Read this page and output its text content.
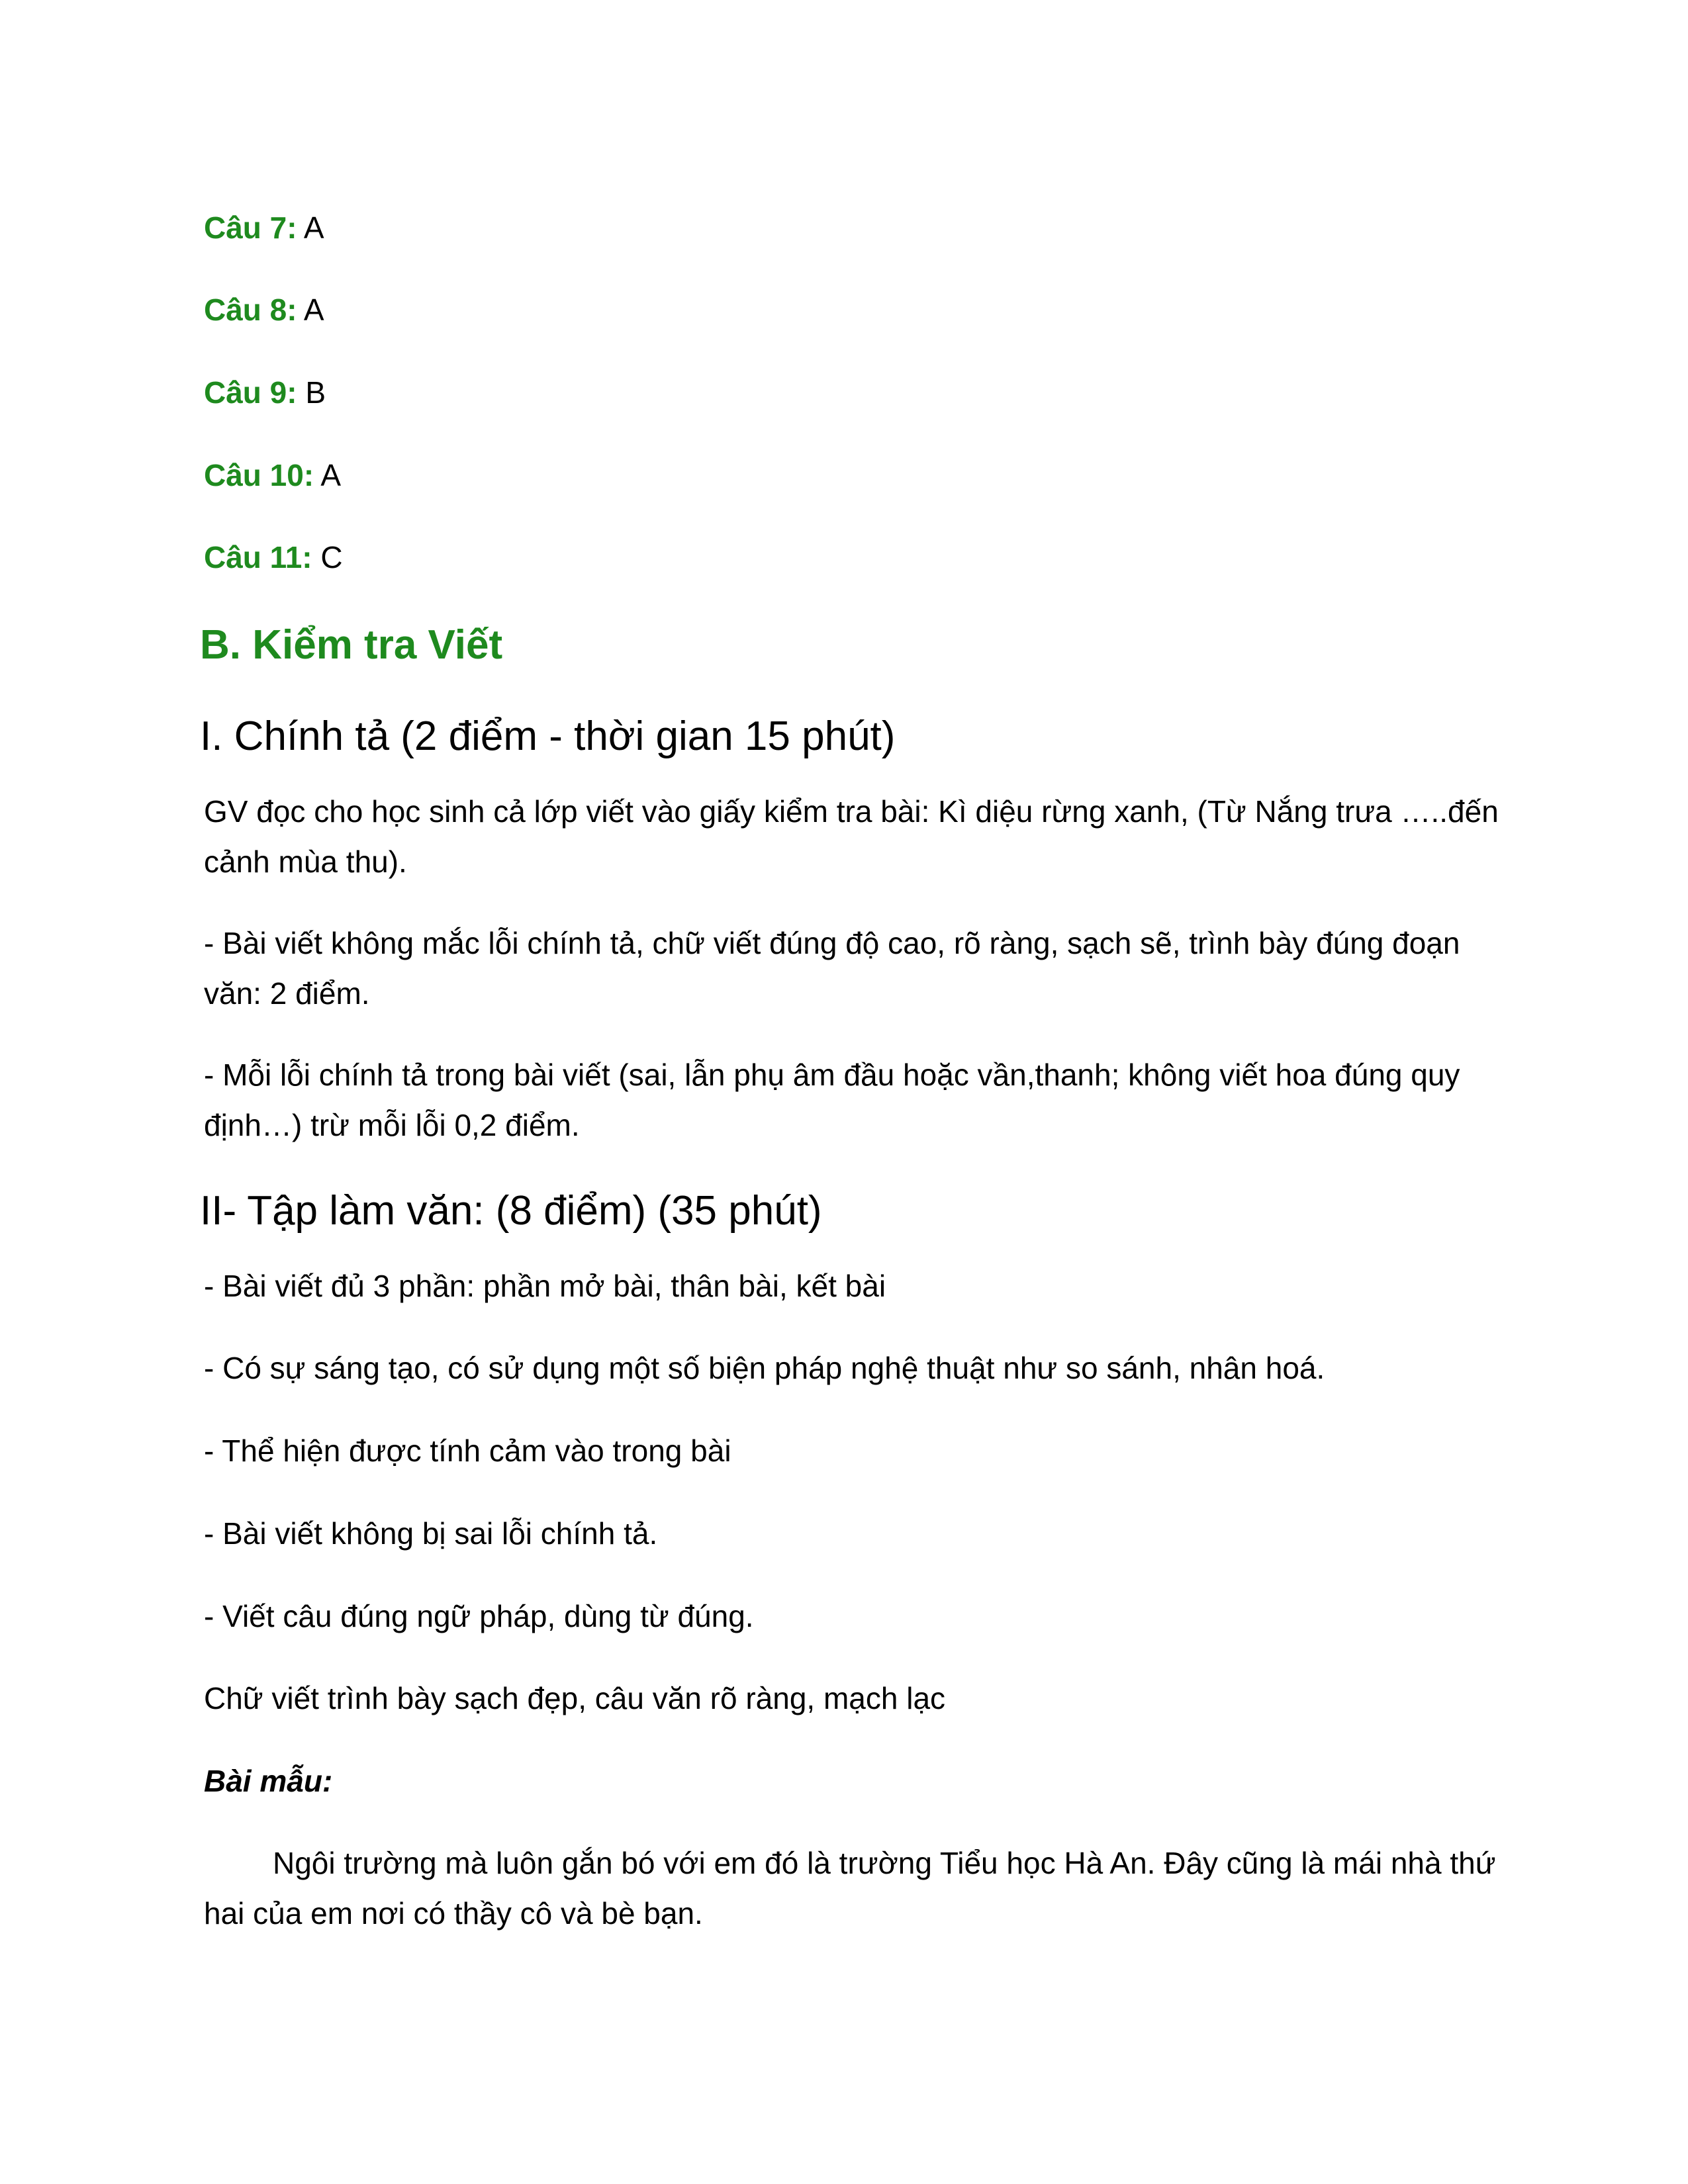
Câu 7: A
Câu 8: A
Câu 9: B
Câu 10: A
Câu 11: C
B. Kiểm tra Viết
I. Chính tả (2 điểm - thời gian 15 phút)
GV đọc cho học sinh cả lớp viết vào giấy kiểm tra bài: Kì diệu rừng xanh, (Từ Nắng trưa …..đến cảnh mùa thu).
- Bài viết không mắc lỗi chính tả, chữ viết đúng độ cao, rõ ràng, sạch sẽ, trình bày đúng đoạn văn: 2 điểm.
- Mỗi lỗi chính tả trong bài viết (sai, lẫn phụ âm đầu hoặc vần,thanh; không viết hoa đúng quy định…) trừ mỗi lỗi 0,2 điểm.
II- Tập làm văn: (8 điểm) (35 phút)
- Bài viết đủ 3 phần: phần mở bài, thân bài, kết bài
- Có sự sáng tạo, có sử dụng một số biện pháp nghệ thuật như so sánh, nhân hoá.
- Thể hiện được tính cảm vào trong bài
- Bài viết không bị sai lỗi chính tả.
- Viết câu đúng ngữ pháp, dùng từ đúng.
Chữ viết trình bày sạch đẹp, câu văn rõ ràng, mạch lạc
Bài mẫu:
Ngôi trường mà luôn gắn bó với em đó là trường Tiểu học Hà An. Đây cũng là mái nhà thứ hai của em nơi có thầy cô và bè bạn.
